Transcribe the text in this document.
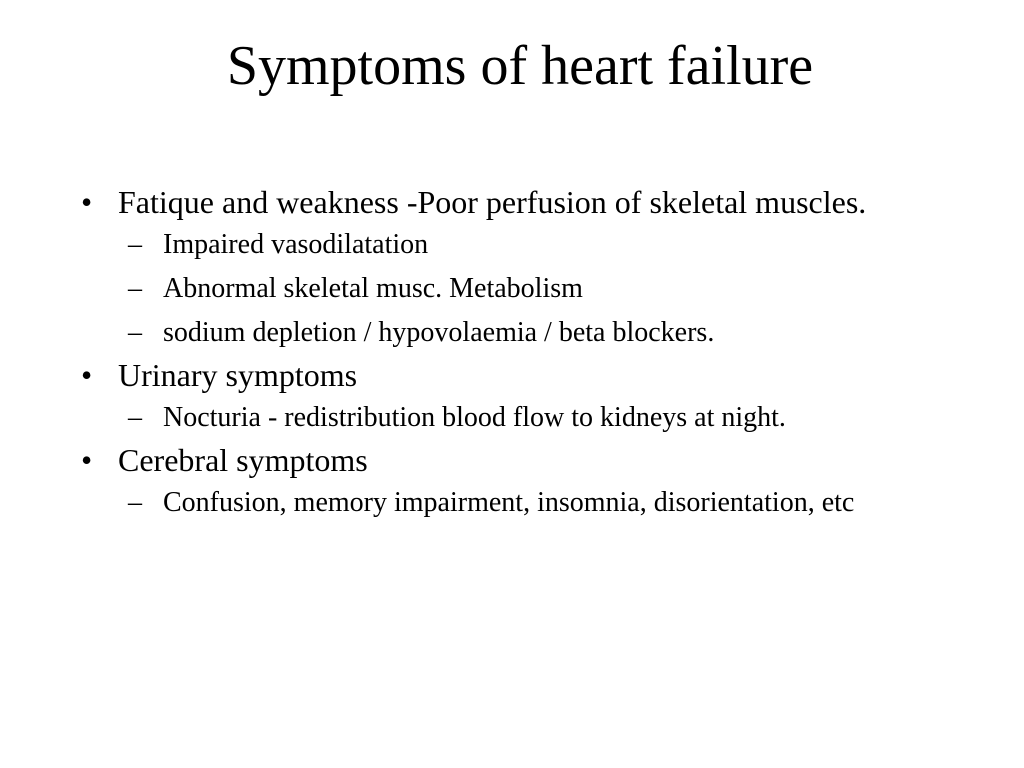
Symptoms of heart failure
• Fatique and weakness -Poor perfusion of skeletal muscles.
– Impaired vasodilatation
– Abnormal skeletal musc. Metabolism
– sodium depletion / hypovolaemia / beta blockers.
• Urinary symptoms
– Nocturia - redistribution blood flow to kidneys at night.
• Cerebral symptoms
– Confusion, memory impairment, insomnia, disorientation, etc
